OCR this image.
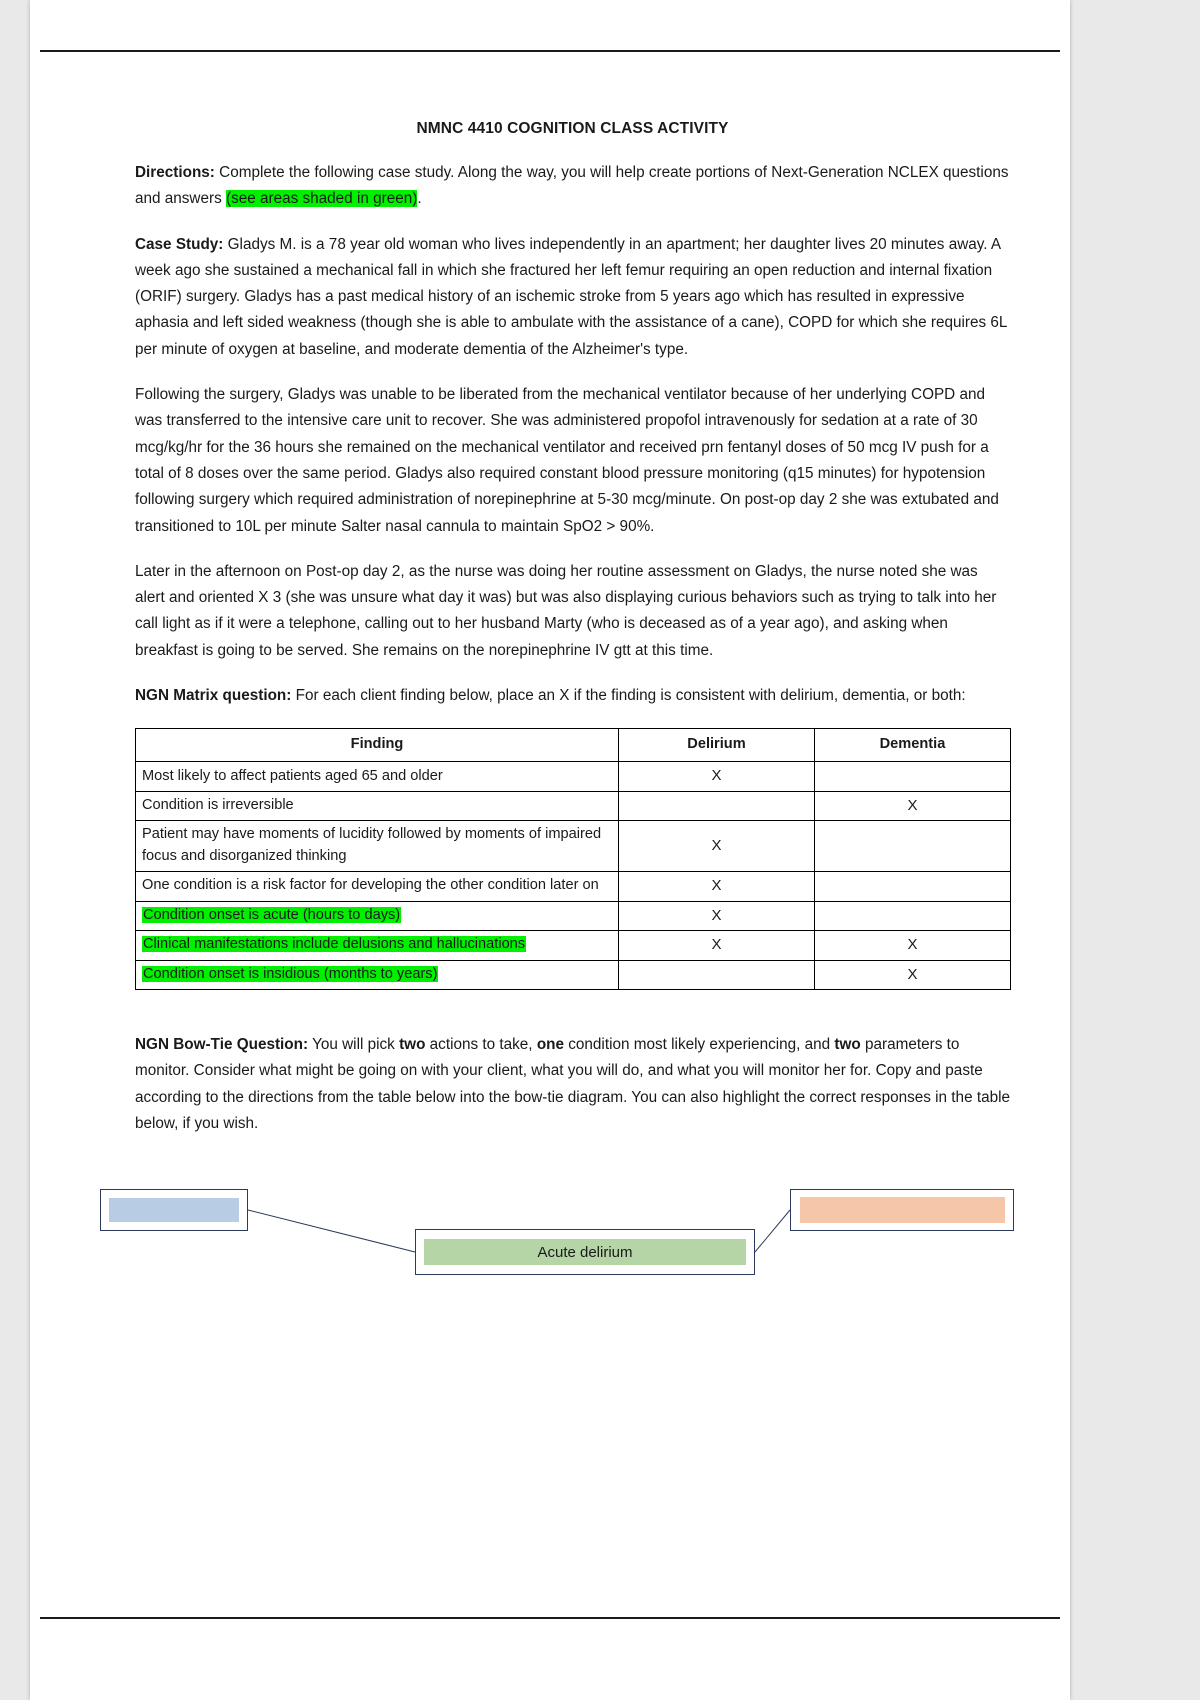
NMNC 4410 COGNITION CLASS ACTIVITY

Directions: Complete the following case study. Along the way, you will help create portions of Next-Generation NCLEX questions and answers (see areas shaded in green).

Case Study: Gladys M. is a 78 year old woman who lives independently in an apartment; her daughter lives 20 minutes away. A week ago she sustained a mechanical fall in which she fractured her left femur requiring an open reduction and internal fixation (ORIF) surgery. Gladys has a past medical history of an ischemic stroke from 5 years ago which has resulted in expressive aphasia and left sided weakness (though she is able to ambulate with the assistance of a cane), COPD for which she requires 6L per minute of oxygen at baseline, and moderate dementia of the Alzheimer's type.

Following the surgery, Gladys was unable to be liberated from the mechanical ventilator because of her underlying COPD and was transferred to the intensive care unit to recover. She was administered propofol intravenously for sedation at a rate of 30 mcg/kg/hr for the 36 hours she remained on the mechanical ventilator and received prn fentanyl doses of 50 mcg IV push for a total of 8 doses over the same period. Gladys also required constant blood pressure monitoring (q15 minutes) for hypotension following surgery which required administration of norepinephrine at 5-30 mcg/minute. On post-op day 2 she was extubated and transitioned to 10L per minute Salter nasal cannula to maintain SpO2 > 90%.

Later in the afternoon on Post-op day 2, as the nurse was doing her routine assessment on Gladys, the nurse noted she was alert and oriented X 3 (she was unsure what day it was) but was also displaying curious behaviors such as trying to talk into her call light as if it were a telephone, calling out to her husband Marty (who is deceased as of a year ago), and asking when breakfast is going to be served. She remains on the norepinephrine IV gtt at this time.

NGN Matrix question: For each client finding below, place an X if the finding is consistent with delirium, dementia, or both:

Finding	Delirium	Dementia
Most likely to affect patients aged 65 and older	X	
Condition is irreversible		X
Patient may have moments of lucidity followed by moments of impaired focus and disorganized thinking	X	
One condition is a risk factor for developing the other condition later on	X	
Condition onset is acute (hours to days)	X	
Clinical manifestations include delusions and hallucinations	X	X
Condition onset is insidious (months to years)		X

NGN Bow-Tie Question: You will pick two actions to take, one condition most likely experiencing, and two parameters to monitor. Consider what might be going on with your client, what you will do, and what you will monitor her for. Copy and paste according to the directions from the table below into the bow-tie diagram. You can also highlight the correct responses in the table below, if you wish.

Acute delirium
